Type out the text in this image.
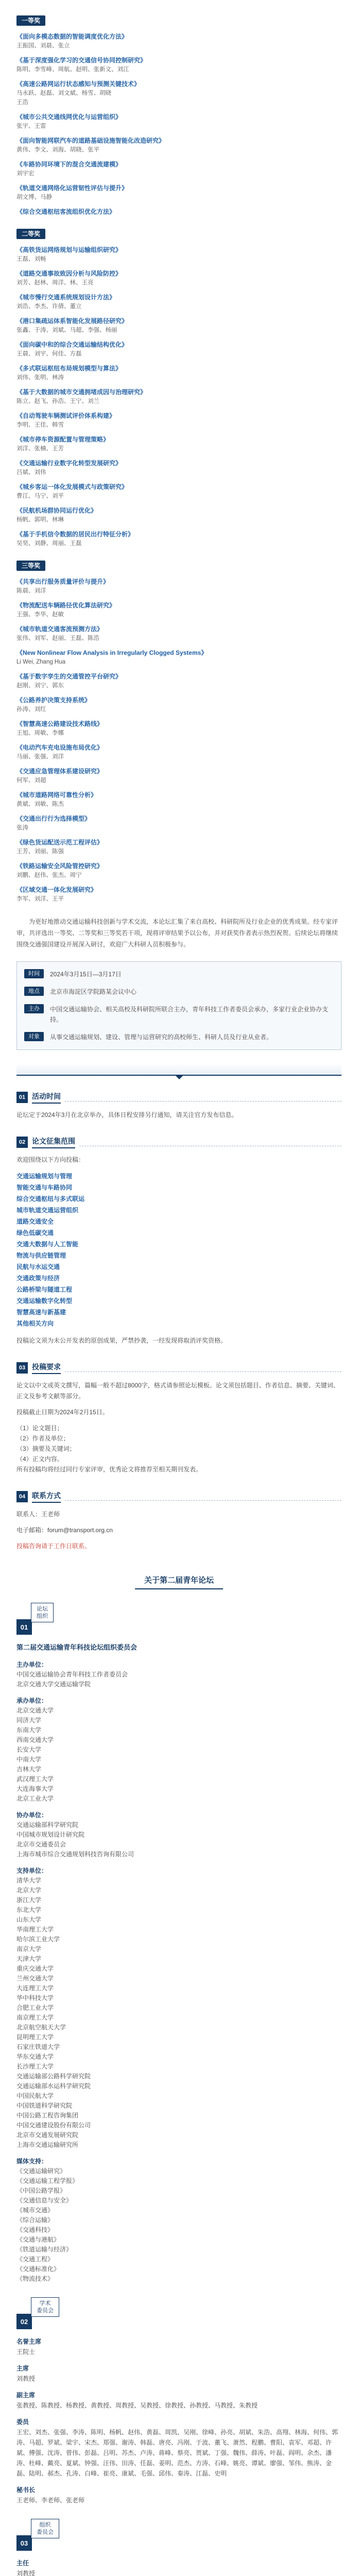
一等奖
《面向多模态数据的智能调度优化方法》
王振国、刘晨、张立
《基于深度强化学习的交通信号协同控制研究》
陈明、李雪峰、周航、赵明、张新文、刘江
《高速公路网运行状态感知与预测关键技术》
马永跃、赵磊、刘文斌、杨雪、胡晓
王浩
《城市公共交通线网优化与运营组织》
张宇、王雷
《面向智能网联汽车的道路基础设施智能化改造研究》
黄伟、李文、刘海、胡晓、张平
《车路协同环境下的混合交通流建模》
刘宇宏
《轨道交通网络化运营韧性评估与提升》
胡文博、马静
《综合交通枢纽客流组织优化方法》
二等奖
《高铁货运网络规划与运输组织研究》
王磊、刘畅
《道路交通事故致因分析与风险防控》
刘芳、赵林、周洋、林、王亮
《城市慢行交通系统规划设计方法》
刘浩、李杰、许倩、董立
《港口集疏运体系智能化发展路径研究》
张鑫、于涛、刘斌、马超、李强、杨丽
《面向碳中和的综合交通运输结构优化》
王晨、刘宇、何佳、方磊
《多式联运枢纽布局规划模型与算法》
刘伟、张明、林涛
《基于大数据的城市交通拥堵成因与治理研究》
陈立、赵飞、孙浩、王宁、刘兰
《自动驾驶车辆测试评价体系构建》
李明、王佳、韩雪
《城市停车资源配置与管理策略》
刘洋、张楠、王芳
《交通运输行业数字化转型发展研究》
吕斌、刘伟
《城乡客运一体化发展模式与政策研究》
曹江、马宁、刘平
《民航机场群协同运行优化》
杨帆、郭明、林琳
《基于手机信令数据的居民出行特征分析》
吴昊、刘静、周丽、王磊
三等奖
《共享出行服务质量评价与提升》
陈晨、刘洋
《物流配送车辆路径优化算法研究》
王强、李华、赵敏
《城市轨道交通客流预测方法》
张伟、刘军、赵丽、王磊、陈浩
《New Nonlinear Flow Analysis in Irregularly Clogged Systems》
Li Wei, Zhang Hua
《基于数字孪生的交通管控平台研究》
赵刚、刘宁、郭东
《公路养护决策支持系统》
孙涛、刘红
《智慧高速公路建设技术路线》
王旭、周敏、李娜
《电动汽车充电设施布局优化》
马丽、张强、刘洋
《交通应急管理体系建设研究》
何军、刘超
《城市道路网络可靠性分析》
黄斌、刘敏、陈杰
《交通出行行为选择模型》
张涛
《绿色货运配送示范工程评估》
王芳、刘丽、陈强
《铁路运输安全风险管控研究》
刘鹏、赵伟、张杰、周宁
《区域交通一体化发展研究》
李军、刘洋、王平

为更好地推动交通运输科技创新与学术交流，本论坛汇集了来自高校、科研院所及行业企业的优秀成果。经专家评审，共评选出一等奖、二等奖和三等奖若干项，现将评审结果予以公布，并对获奖作者表示热烈祝贺。后续论坛将继续围绕交通强国建设开展深入研讨，欢迎广大科研人员积极参与。

时间	2024年3月15日—3月17日
地点	北京市海淀区学院路某会议中心
主办	中国交通运输协会、相关高校及科研院所联合主办，青年科技工作者委员会承办，多家行业企业协办支持。
对象	从事交通运输规划、建设、管理与运营研究的高校师生、科研人员及行业从业者。
01 活动时间

论坛定于2024年3月在北京举办，具体日程安排另行通知，请关注官方发布信息。

02 论文征集范围

欢迎围绕以下方向投稿：

交通运输规划与管理
智能交通与车路协同
综合交通枢纽与多式联运
城市轨道交通运营组织
道路交通安全
绿色低碳交通
交通大数据与人工智能
物流与供应链管理
民航与水运交通
交通政策与经济
公路桥梁与隧道工程
交通运输数字化转型
智慧高速与新基建
其他相关方向

投稿论文须为未公开发表的原创成果，严禁抄袭，一经发现将取消评奖资格。

03 投稿要求

论文以中文或英文撰写，篇幅一般不超过8000字，格式请参照论坛模板。论文须包括题目、作者信息、摘要、关键词、正文及参考文献等部分。

投稿截止日期为2024年2月15日。

（1）论文题目；
（2）作者及单位；
（3）摘要及关键词；
（4）正文内容。

所有投稿均将经过同行专家评审，优秀论文将推荐至相关期刊发表。

04 联系方式

联系人：王老师

电子邮箱：forum@transport.org.cn

投稿咨询请于工作日联系。

关于第二届青年论坛
01
论坛
组织
第二届交通运输青年科技论坛组织委员会
主办单位：
中国交通运输协会青年科技工作者委员会
北京交通大学交通运输学院
承办单位：
北京交通大学
同济大学
东南大学
西南交通大学
长安大学
中南大学
吉林大学
武汉理工大学
大连海事大学
北京工业大学
协办单位：
交通运输部科学研究院
中国城市规划设计研究院
北京市交通委员会
上海市城市综合交通规划科技咨询有限公司
支持单位：
清华大学
北京大学
浙江大学
东北大学
山东大学
华南理工大学
哈尔滨工业大学
南京大学
天津大学
重庆交通大学
兰州交通大学
大连理工大学
华中科技大学
合肥工业大学
南京理工大学
北京航空航天大学
昆明理工大学
石家庄铁道大学
华东交通大学
长沙理工大学
交通运输部公路科学研究院
交通运输部水运科学研究院
中国民航大学
中国铁道科学研究院
中国公路工程咨询集团
中国交通建设股份有限公司
北京市交通发展研究院
上海市交通运输研究所
媒体支持：
《交通运输研究》
《交通运输工程学报》
《中国公路学报》
《交通信息与安全》
《城市交通》
《综合运输》
《交通科技》
《交通与港航》
《铁道运输与经济》
《交通工程》
《交通标准化》
《物流技术》
02
学术
委员会
名誉主席
王院士
主席
刘教授
副主席
张教授、陈教授、杨教授、黄教授、周教授、吴教授、徐教授、孙教授、马教授、朱教授
委员
王宏、刘杰、张强、李涛、陈明、杨帆、赵伟、黄磊、周凯、吴刚、徐峰、孙亮、胡斌、朱浩、高翔、林海、何伟、郭涛、马超、罗斌、梁宇、宋杰、郑强、谢涛、韩磊、唐亮、冯刚、于波、董飞、萧然、程鹏、曹阳、袁军、邓超、许斌、傅强、沈涛、曾伟、彭磊、吕明、苏杰、卢涛、蒋峰、蔡亮、贾斌、丁强、魏伟、薛涛、叶磊、阎明、余杰、潘涛、杜峰、戴亮、夏斌、钟强、汪伟、田涛、任磊、姜明、范杰、方涛、石峰、姚亮、谭斌、廖强、邹伟、熊涛、金磊、陆明、郝杰、孔涛、白峰、崔亮、康斌、毛强、邱伟、秦涛、江磊、史明
秘书长
王老师、李老师、张老师
03
组织
委员会
主任
刘教授
